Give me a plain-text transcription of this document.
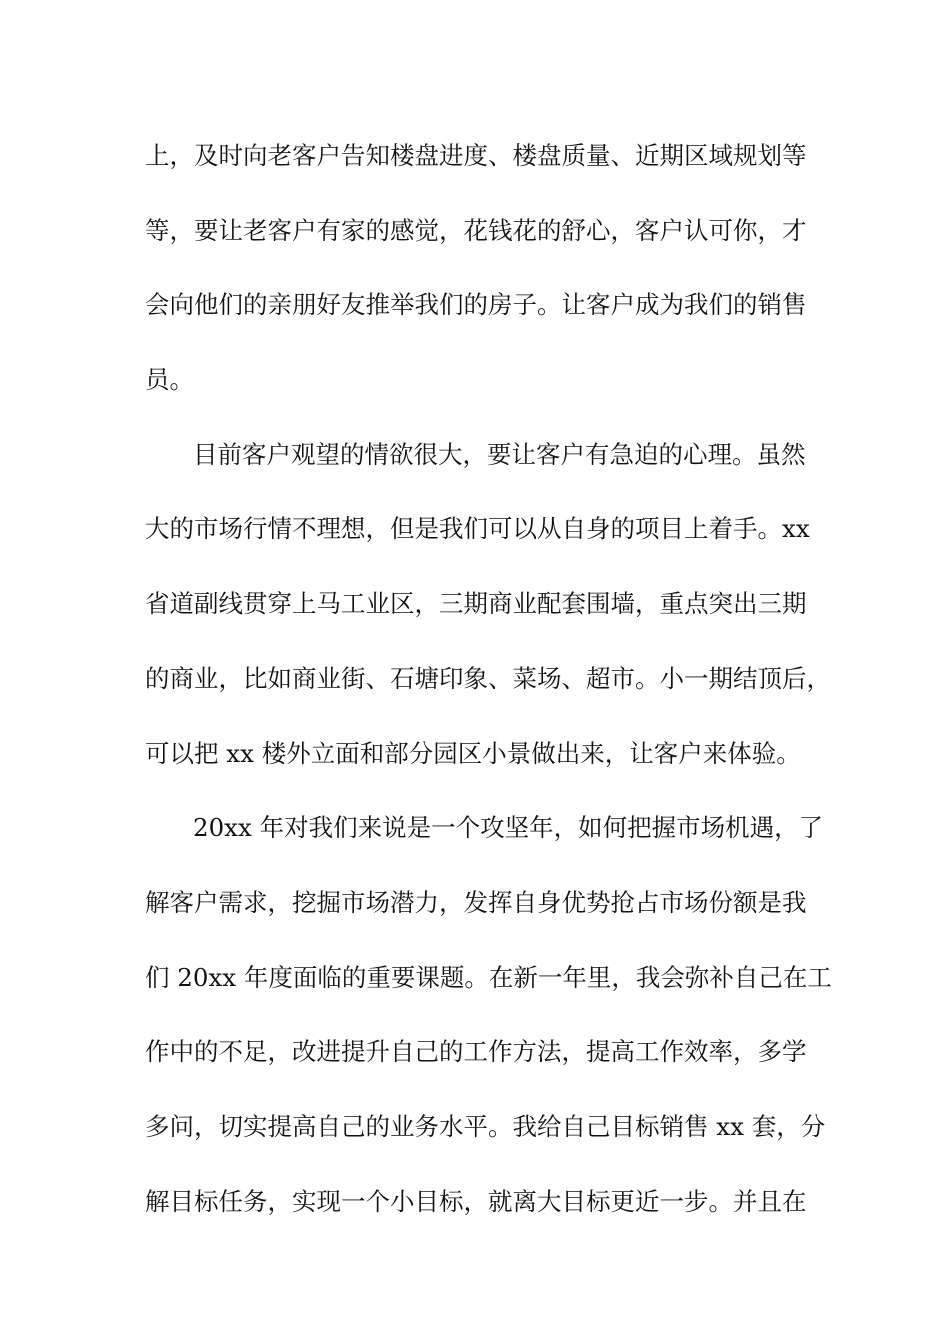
上，及时向老客户告知楼盘进度、楼盘质量、近期区域规划等
等，要让老客户有家的感觉，花钱花的舒心，客户认可你，才
会向他们的亲朋好友推举我们的房子。让客户成为我们的销售
员。
目前客户观望的情欲很大，要让客户有急迫的心理。虽然
大的市场行情不理想，但是我们可以从自身的项目上着手。xx
省道副线贯穿上马工业区，三期商业配套围墙，重点突出三期
的商业，比如商业街、石塘印象、菜场、超市。小一期结顶后，
可以把 xx 楼外立面和部分园区小景做出来，让客户来体验。
20xx 年对我们来说是一个攻坚年，如何把握市场机遇，了
解客户需求，挖掘市场潜力，发挥自身优势抢占市场份额是我
们 20xx 年度面临的重要课题。在新一年里，我会弥补自己在工
作中的不足，改进提升自己的工作方法，提高工作效率，多学
多问，切实提高自己的业务水平。我给自己目标销售 xx 套，分
解目标任务，实现一个小目标，就离大目标更近一步。并且在
